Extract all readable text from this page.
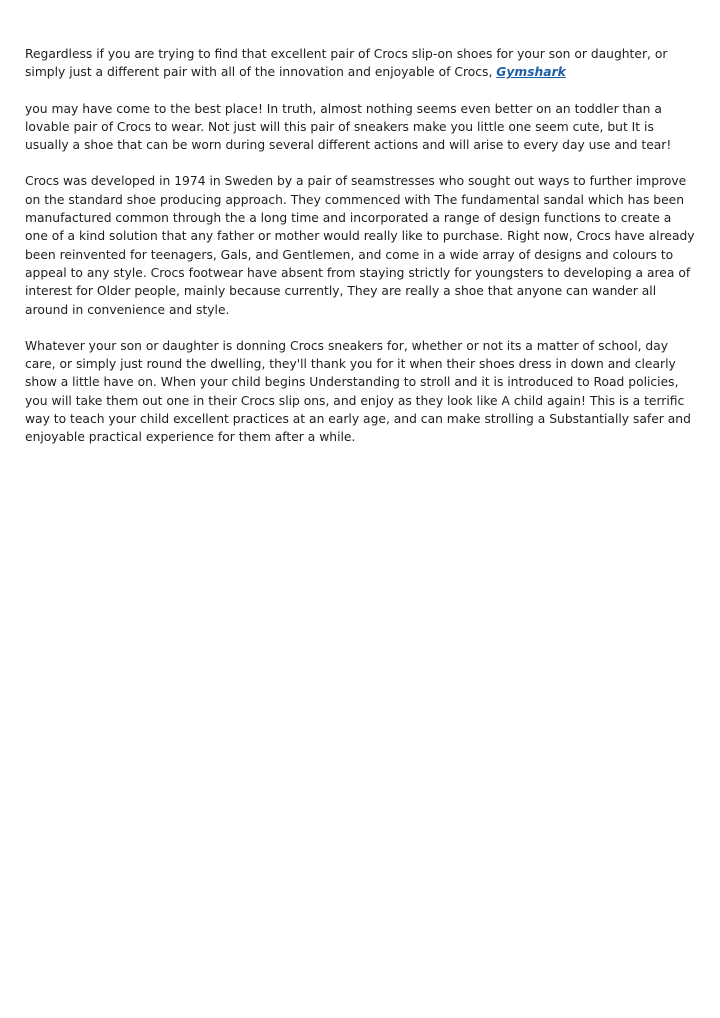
Regardless if you are trying to find that excellent pair of Crocs slip-on shoes for your son or daughter, or simply just a different pair with all of the innovation and enjoyable of Crocs, Gymshark

you may have come to the best place! In truth, almost nothing seems even better on an toddler than a lovable pair of Crocs to wear. Not just will this pair of sneakers make you little one seem cute, but It is usually a shoe that can be worn during several different actions and will arise to every day use and tear!

Crocs was developed in 1974 in Sweden by a pair of seamstresses who sought out ways to further improve on the standard shoe producing approach. They commenced with The fundamental sandal which has been manufactured common through the a long time and incorporated a range of design functions to create a one of a kind solution that any father or mother would really like to purchase. Right now, Crocs have already been reinvented for teenagers, Gals, and Gentlemen, and come in a wide array of designs and colours to appeal to any style. Crocs footwear have absent from staying strictly for youngsters to developing a area of interest for Older people, mainly because currently, They are really a shoe that anyone can wander all around in convenience and style.

Whatever your son or daughter is donning Crocs sneakers for, whether or not its a matter of school, day care, or simply just round the dwelling, they'll thank you for it when their shoes dress in down and clearly show a little have on. When your child begins Understanding to stroll and it is introduced to Road policies, you will take them out one in their Crocs slip ons, and enjoy as they look like A child again! This is a terrific way to teach your child excellent practices at an early age, and can make strolling a Substantially safer and enjoyable practical experience for them after a while.
